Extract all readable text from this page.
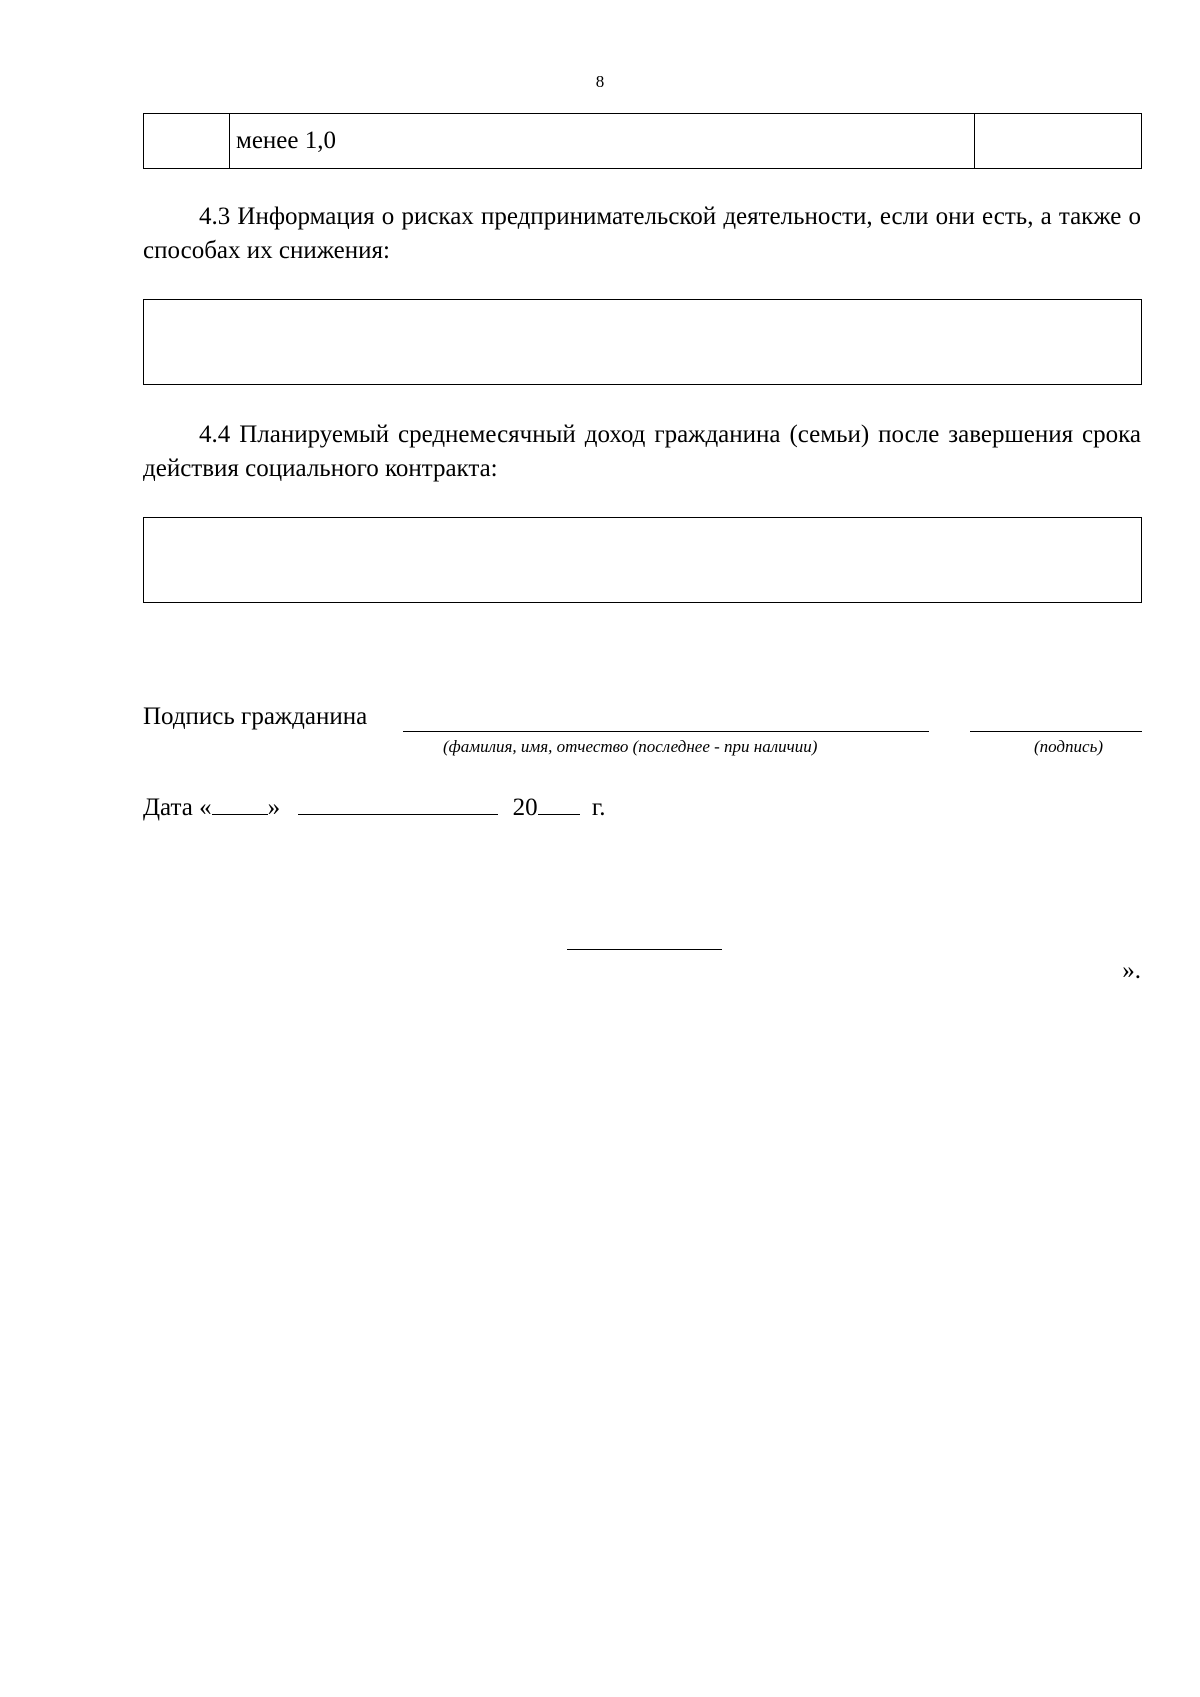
8
	менее 1,0	
4.3 Информация о рисках предпринимательской деятельности, если они есть, а также о способах их снижения:
4.4 Планируемый среднемесячный доход гражданина (семьи) после завершения срока действия социального контракта:
Подпись гражданина
(фамилия, имя, отчество (последнее - при наличии)	(подпись)
Дата « »	20 г.
».
